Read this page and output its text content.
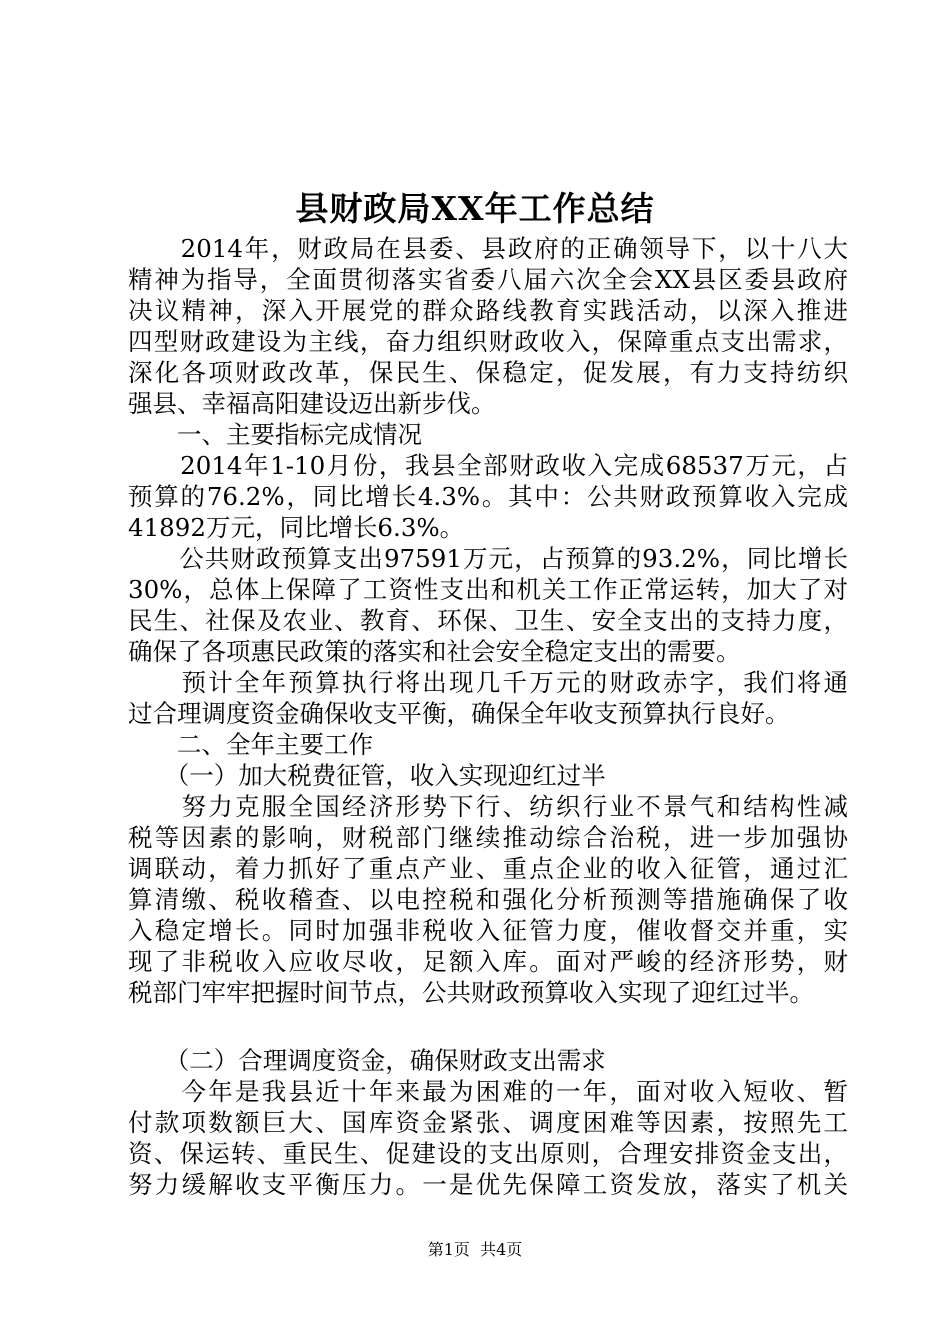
县财政局XX年工作总结
　　2014年，财政局在县委、县政府的正确领导下，以十八大
精神为指导，全面贯彻落实省委八届六次全会XX县区委县政府
决议精神，深入开展党的群众路线教育实践活动，以深入推进
四型财政建设为主线，奋力组织财政收入，保障重点支出需求，
深化各项财政改革，保民生、保稳定，促发展，有力支持纺织
强县、幸福高阳建设迈出新步伐。
　　一、主要指标完成情况
　　2014年1-10月份，我县全部财政收入完成68537万元，占
预算的76.2%，同比增长4.3%。其中：公共财政预算收入完成
41892万元，同比增长6.3%。
　　公共财政预算支出97591万元，占预算的93.2%，同比增长
30%，总体上保障了工资性支出和机关工作正常运转，加大了对
民生、社保及农业、教育、环保、卫生、安全支出的支持力度，
确保了各项惠民政策的落实和社会安全稳定支出的需要。
　　预计全年预算执行将出现几千万元的财政赤字，我们将通
过合理调度资金确保收支平衡，确保全年收支预算执行良好。
　　二、全年主要工作
　　（一）加大税费征管，收入实现迎红过半
　　努力克服全国经济形势下行、纺织行业不景气和结构性减
税等因素的影响，财税部门继续推动综合治税，进一步加强协
调联动，着力抓好了重点产业、重点企业的收入征管，通过汇
算清缴、税收稽查、以电控税和强化分析预测等措施确保了收
入稳定增长。同时加强非税收入征管力度，催收督交并重，实
现了非税收入应收尽收，足额入库。面对严峻的经济形势，财
税部门牢牢把握时间节点，公共财政预算收入实现了迎红过半。
　　（二）合理调度资金，确保财政支出需求
　　今年是我县近十年来最为困难的一年，面对收入短收、暂
付款项数额巨大、国库资金紧张、调度困难等因素，按照先工
资、保运转、重民生、促建设的支出原则，合理安排资金支出，
努力缓解收支平衡压力。一是优先保障工资发放，落实了机关
第1页  共4页
